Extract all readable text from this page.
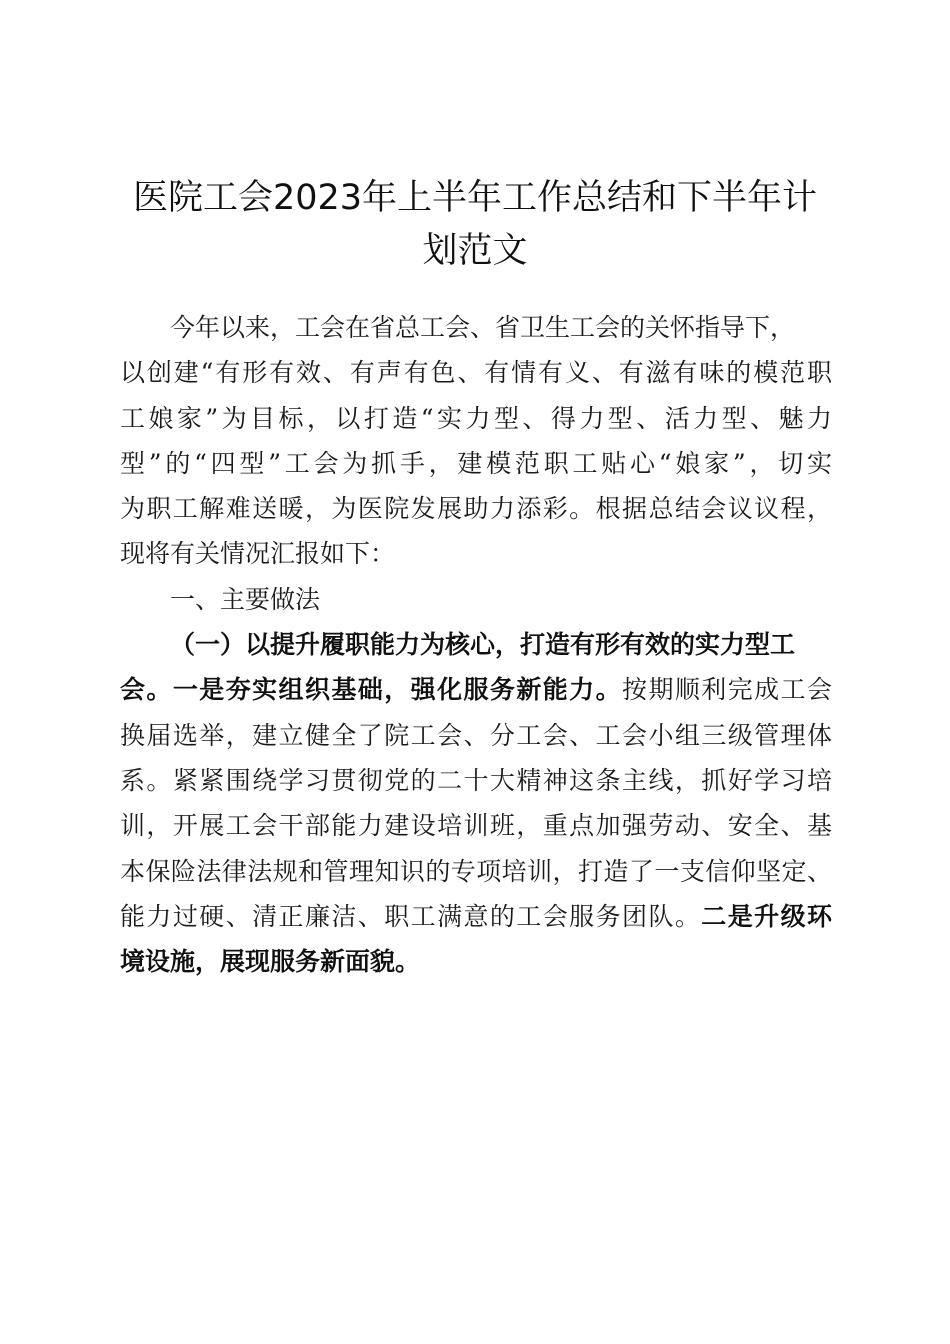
医院工会2023年上半年工作总结和下半年计
划范文
今年以来，工会在省总工会、省卫生工会的关怀指导下，
以创建“有形有效、有声有色、有情有义、有滋有味的模范职
工娘家”为目标，以打造“实力型、得力型、活力型、魅力
型”的“四型”工会为抓手，建模范职工贴心“娘家”，切实
为职工解难送暖，为医院发展助力添彩。根据总结会议议程，
现将有关情况汇报如下：
一、主要做法
（一）以提升履职能力为核心，打造有形有效的实力型工
会。一是夯实组织基础，强化服务新能力。按期顺利完成工会
换届选举，建立健全了院工会、分工会、工会小组三级管理体
系。紧紧围绕学习贯彻党的二十大精神这条主线，抓好学习培
训，开展工会干部能力建设培训班，重点加强劳动、安全、基
本保险法律法规和管理知识的专项培训，打造了一支信仰坚定、
能力过硬、清正廉洁、职工满意的工会服务团队。二是升级环
境设施，展现服务新面貌。
